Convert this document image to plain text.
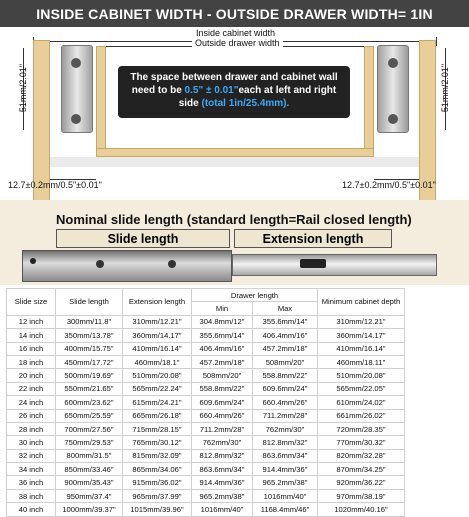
INSIDE CABINET WIDTH - OUTSIDE DRAWER WIDTH= 1IN
Inside cabinet width
Outside drawer width
51mm/2.01"	51mm/2.01"
12.7±0.2mm/0.5"±0.01"	12.7±0.2mm/0.5"±0.01"
The space between drawer and cabinet wall
need to be 0.5" ± 0.01"each at left and right
side (total 1in/25.4mm).
Nominal slide length (standard length=Rail closed length)
Slide length	Extension length
Slide size	Slide length	Extension length	Drawer length		Minimum cabinet depth
			Min	Max	
12 inch	300mm/11.8"	310mm/12.21"	304.8mm/12"	355.6mm/14"	310mm/12.21"
14 inch	350mm/13.78"	360mm/14.17"	355.6mm/14"	406.4mm/16"	360mm/14.17"
16 inch	400mm/15.75"	410mm/16.14"	406.4mm/16"	457.2mm/18"	410mm/16.14"
18 inch	450mm/17.72"	460mm/18.1"	457.2mm/18"	508mm/20"	460mm/18.11"
20 inch	500mm/19.69"	510mm/20.08"	508mm/20"	558.8mm/22"	510mm/20.08"
22 inch	550mm/21.65"	565mm/22.24"	558.8mm/22"	609.6mm/24"	565mm/22.05"
24 inch	600mm/23.62"	615mm/24.21"	609.6mm/24"	660.4mm/26"	610mm/24.02"
26 inch	650mm/25.59"	665mm/26.18"	660.4mm/26"	711.2mm/28"	661mm/26.02"
28 inch	700mm/27.56"	715mm/28.15"	711.2mm/28"	762mm/30"	720mm/28.35"
30 inch	750mm/29.53"	765mm/30.12"	762mm/30"	812.8mm/32"	770mm/30.32"
32 inch	800mm/31.5"	815mm/32.09"	812.8mm/32"	863.6mm/34"	820mm/32.28"
34 inch	850mm/33.46"	865mm/34.06"	863.6mm/34"	914.4mm/36"	870mm/34.25"
36 inch	900mm/35.43"	915mm/36.02"	914.4mm/36"	965.2mm/38"	920mm/36.22"
38 inch	950mm/37.4"	965mm/37.99"	965.2mm/38"	1016mm/40"	970mm/38.19"
40 inch	1000mm/39.37"	1015mm/39.96"	1016mm/40"	1168.4mm/46"	1020mm/40.16"
